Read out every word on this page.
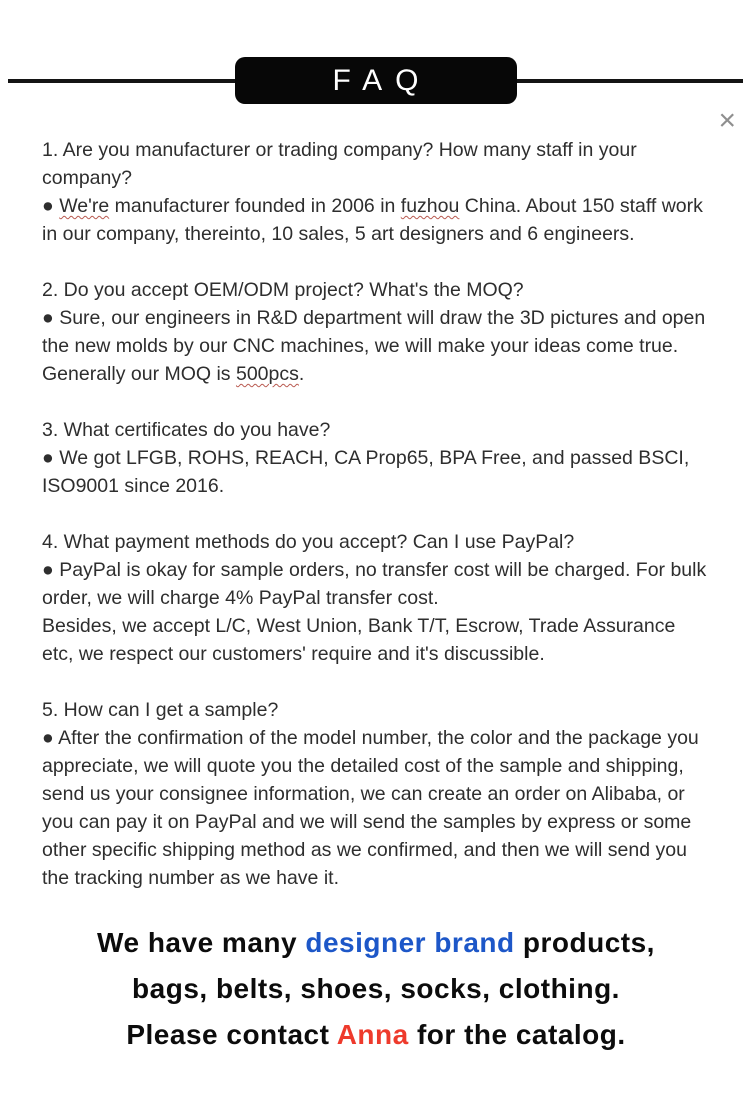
FAQ
×

1. Are you manufacturer or trading company? How many staff in your company?

● We're manufacturer founded in 2006 in fuzhou China. About 150 staff work in our company, thereinto, 10 sales, 5 art designers and 6 engineers.

2. Do you accept OEM/ODM project? What's the MOQ?

● Sure, our engineers in R&D department will draw the 3D pictures and open the new molds by our CNC machines, we will make your ideas come true. Generally our MOQ is 500pcs.

3. What certificates do you have?

● We got LFGB, ROHS, REACH, CA Prop65, BPA Free, and passed BSCI, ISO9001 since 2016.

4. What payment methods do you accept? Can I use PayPal?

● PayPal is okay for sample orders, no transfer cost will be charged. For bulk order, we will charge 4% PayPal transfer cost.
Besides, we accept L/C, West Union, Bank T/T, Escrow, Trade Assurance etc, we respect our customers' require and it's discussible.

5. How can I get a sample?

● After the confirmation of the model number, the color and the package you appreciate, we will quote you the detailed cost of the sample and shipping, send us your consignee information, we can create an order on Alibaba, or you can pay it on PayPal and we will send the samples by express or some other specific shipping method as we confirmed, and then we will send you the tracking number as we have it.

We have many designer brand products,

bags, belts, shoes, socks, clothing.

Please contact Anna for the catalog.
